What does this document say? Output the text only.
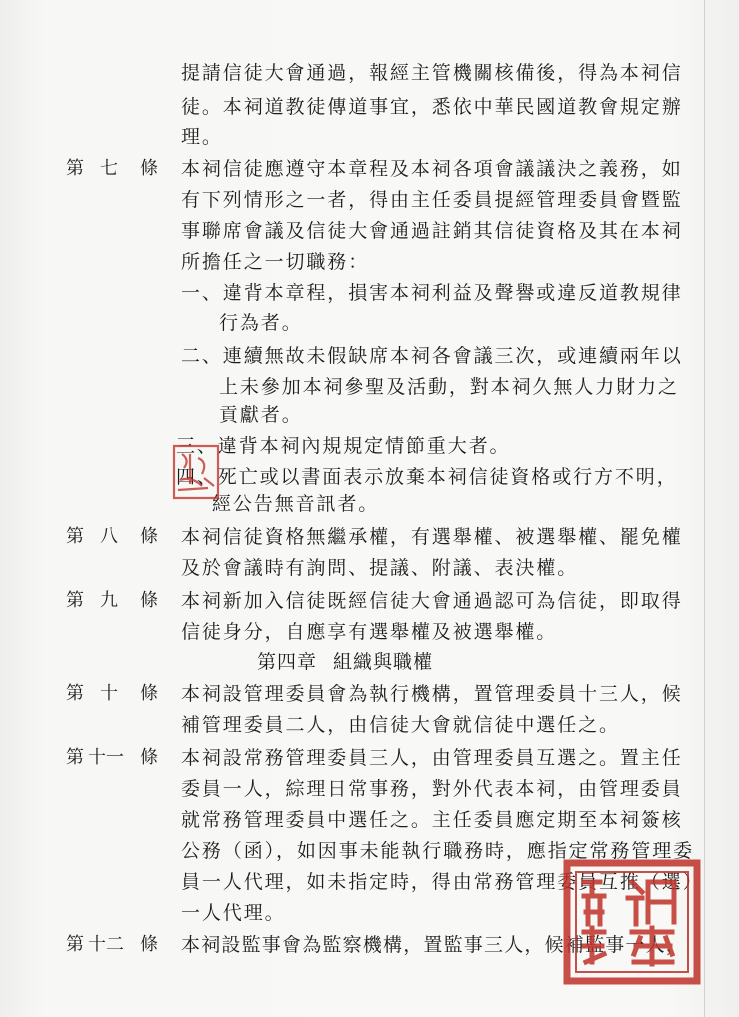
提請信徒大會通過，報經主管機關核備後，得為本祠信
徒。本祠道教徒傳道事宜，悉依中華民國道教會規定辦
理。
第 七 條 本祠信徒應遵守本章程及本祠各項會議議決之義務，如
有下列情形之一者，得由主任委員提經管理委員會暨監
事聯席會議及信徒大會通過註銷其信徒資格及其在本祠
所擔任之一切職務：
一、違背本章程，損害本祠利益及聲譽或違反道教規律
行為者。
二、連續無故未假缺席本祠各會議三次，或連續兩年以
上未參加本祠參聖及活動，對本祠久無人力財力之
貢獻者。
三、違背本祠內規規定情節重大者。
四、死亡或以書面表示放棄本祠信徒資格或行方不明，
經公告無音訊者。
第 八 條 本祠信徒資格無繼承權，有選舉權、被選舉權、罷免權
及於會議時有詢問、提議、附議、表決權。
第 九 條 本祠新加入信徒既經信徒大會通過認可為信徒，即取得
信徒身分，自應享有選舉權及被選舉權。
第四章 組織與職權
第 十 條 本祠設管理委員會為執行機構，置管理委員十三人，候
補管理委員二人，由信徒大會就信徒中選任之。
第 十一 條 本祠設常務管理委員三人，由管理委員互選之。置主任
委員一人，綜理日常事務，對外代表本祠，由管理委員
就常務管理委員中選任之。主任委員應定期至本祠簽核
公務（函），如因事未能執行職務時，應指定常務管理委
員一人代理，如未指定時，得由常務管理委員互推（選）
一人代理。
第 十二 條 本祠設監事會為監察機構，置監事三人，候補監事一人，
